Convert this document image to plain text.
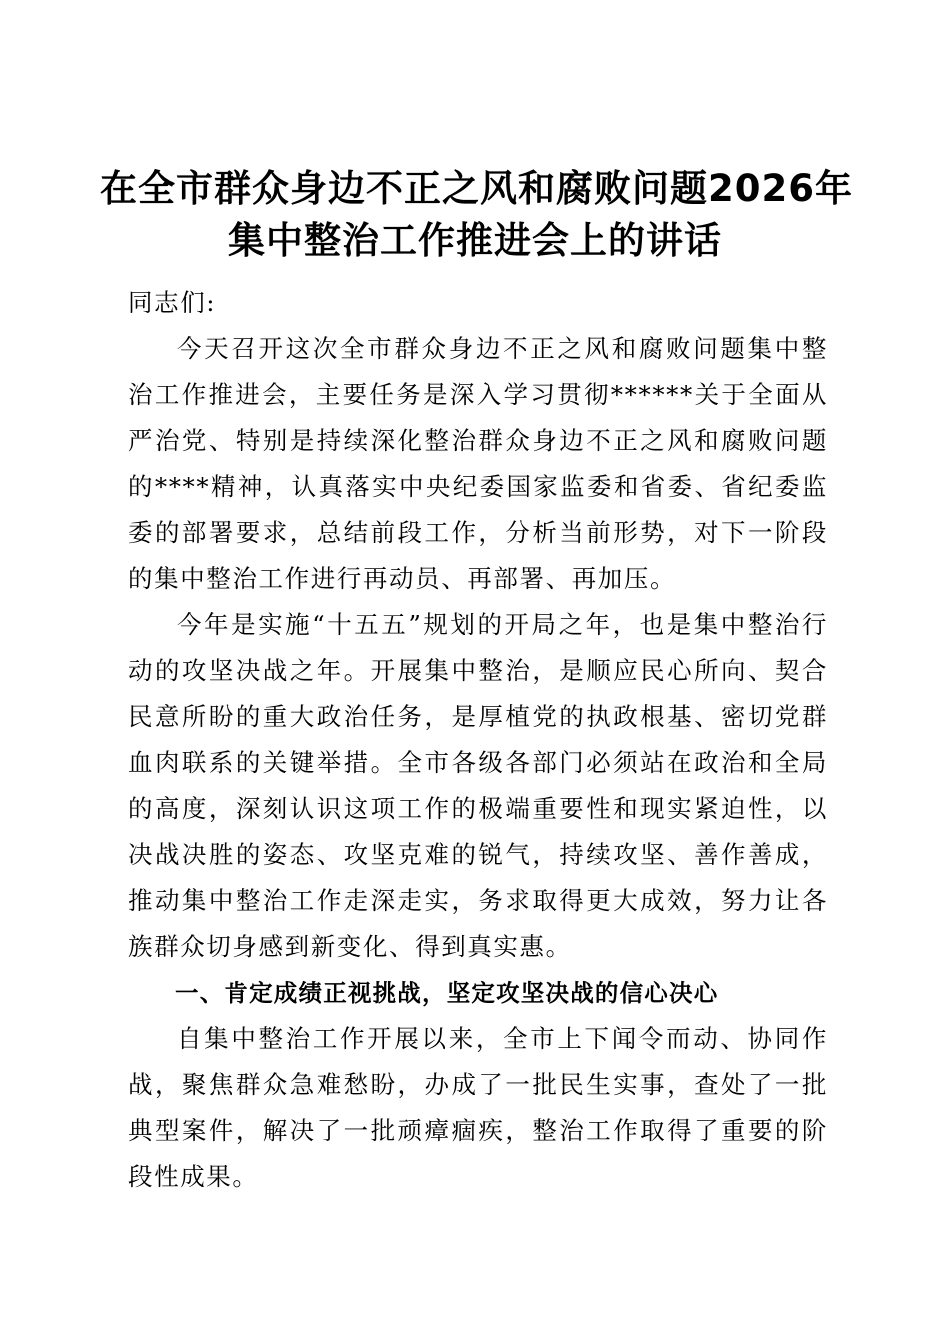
在全市群众身边不正之风和腐败问题2026年
集中整治工作推进会上的讲话

同志们:

今天召开这次全市群众身边不正之风和腐败问题集中整治工作推进会，主要任务是深入学习贯彻******关于全面从严治党、特别是持续深化整治群众身边不正之风和腐败问题的****精神，认真落实中央纪委国家监委和省委、省纪委监委的部署要求，总结前段工作，分析当前形势，对下一阶段的集中整治工作进行再动员、再部署、再加压。

今年是实施“十五五”规划的开局之年，也是集中整治行动的攻坚决战之年。开展集中整治，是顺应民心所向、契合民意所盼的重大政治任务，是厚植党的执政根基、密切党群血肉联系的关键举措。全市各级各部门必须站在政治和全局的高度，深刻认识这项工作的极端重要性和现实紧迫性，以决战决胜的姿态、攻坚克难的锐气，持续攻坚、善作善成，推动集中整治工作走深走实，务求取得更大成效，努力让各族群众切身感到新变化、得到真实惠。

一、肯定成绩正视挑战，坚定攻坚决战的信心决心

自集中整治工作开展以来，全市上下闻令而动、协同作战，聚焦群众急难愁盼，办成了一批民生实事，查处了一批典型案件，解决了一批顽瘴痼疾，整治工作取得了重要的阶段性成果。
